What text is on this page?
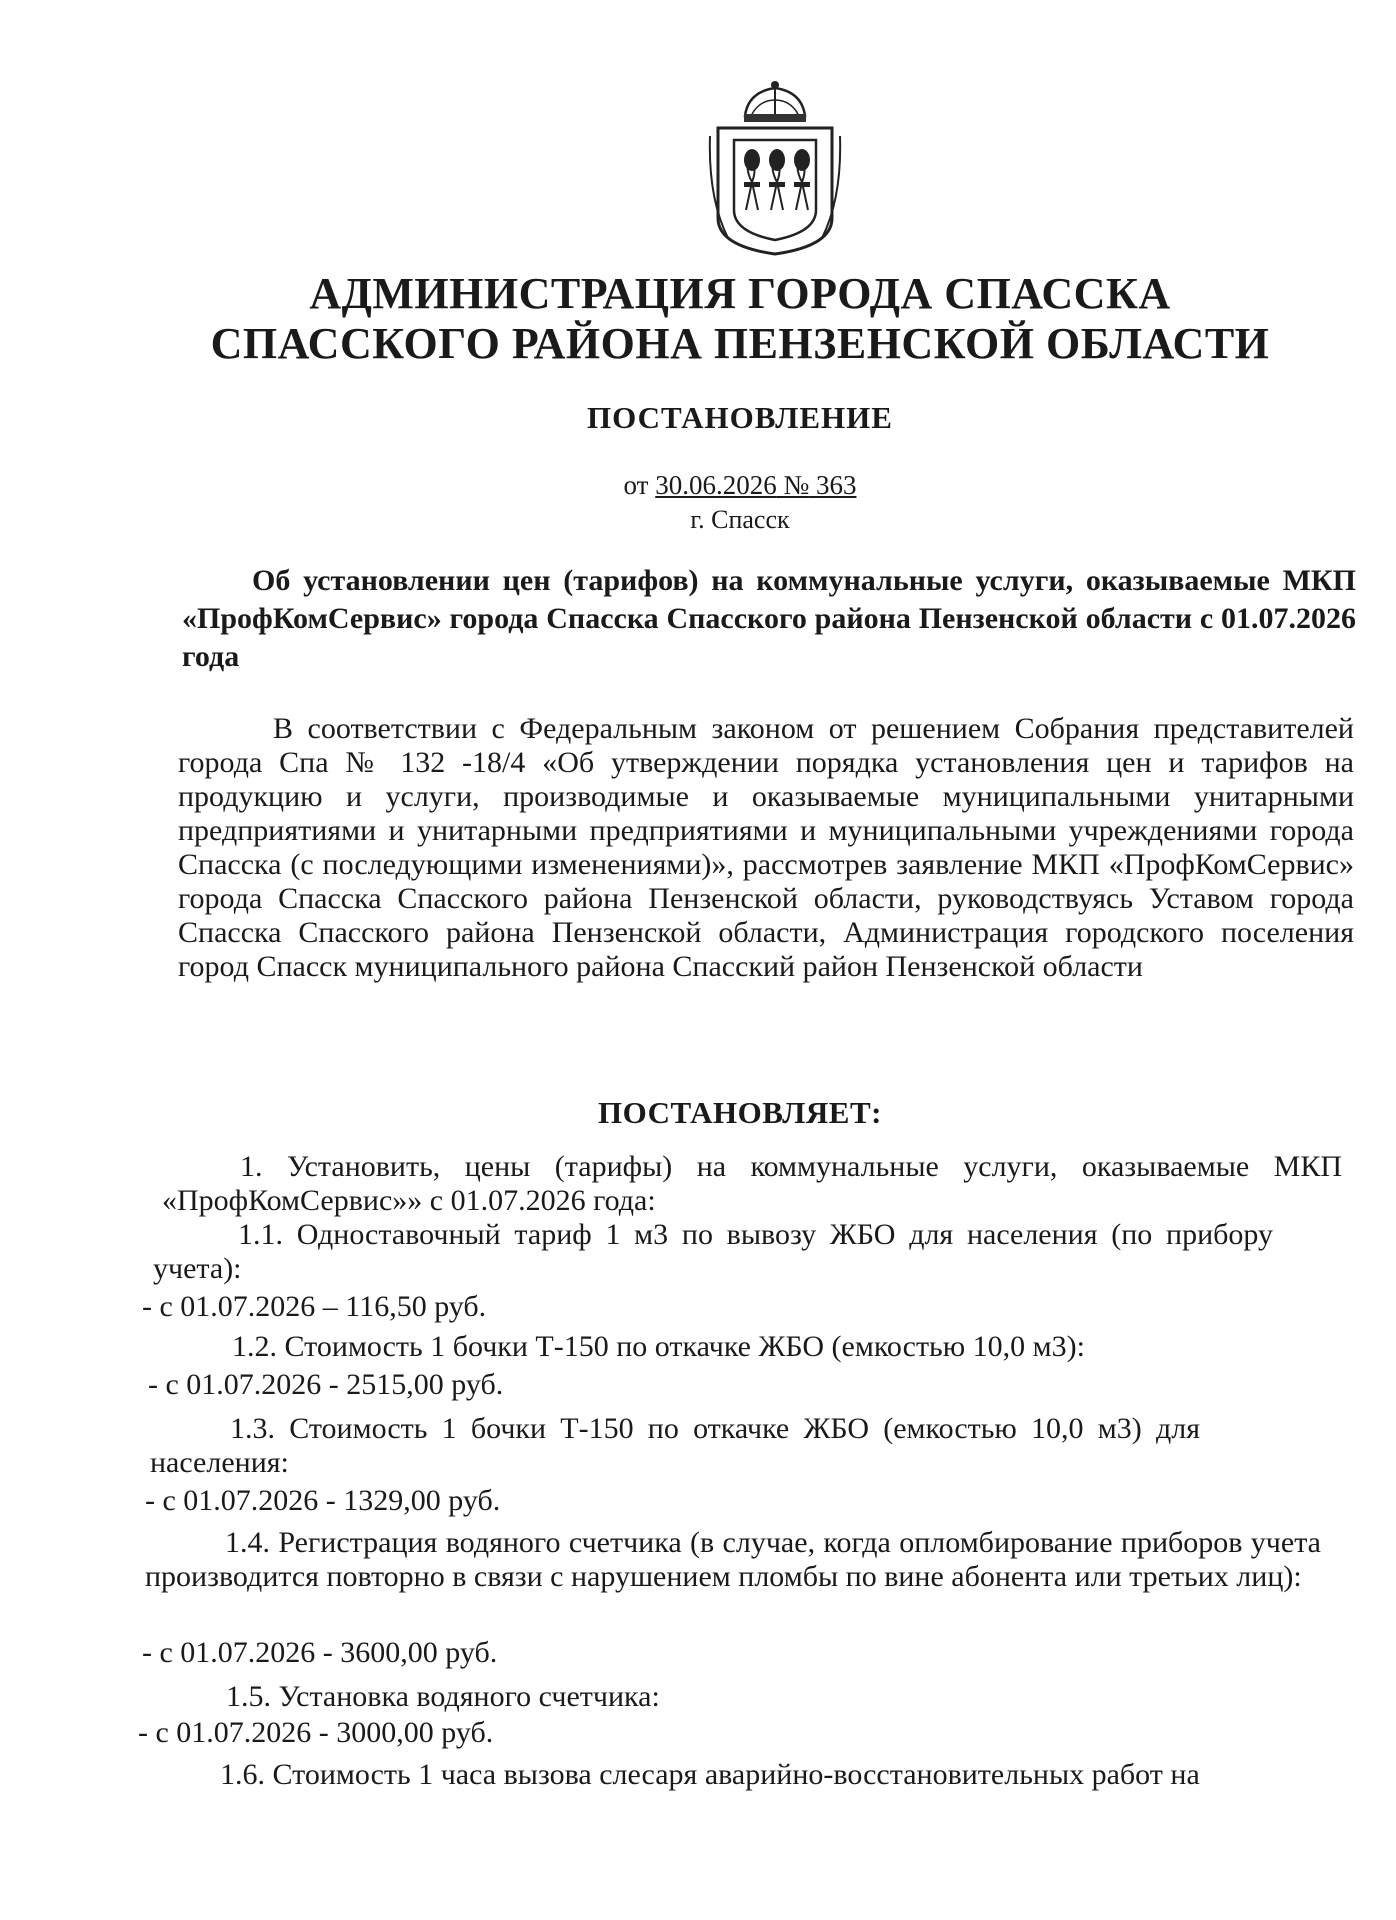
АДМИНИСТРАЦИЯ ГОРОДА СПАССКА
СПАССКОГО РАЙОНА ПЕНЗЕНСКОЙ ОБЛАСТИ
ПОСТАНОВЛЕНИЕ
от 30.06.2026 № 363
г. Спасск
Об установлении цен (тарифов) на коммунальные услуги, оказываемые МКП «ПрофКомСервис» города Спасска Спасского района Пензенской области с 01.07.2026 года
В соответствии с Федеральным законом от решением Собрания представителей города Спа № 132 -18/4 «Об утверждении порядка установления цен и тарифов на продукцию и услуги, производимые и оказываемые муниципальными унитарными предприятиями и унитарными предприятиями и муниципальными учреждениями города Спасска (с последующими изменениями)», рассмотрев заявление МКП «ПрофКомСервис» города Спасска Спасского района Пензенской области, руководствуясь Уставом города Спасска Спасского района Пензенской области, Администрация городского поселения город Спасск муниципального района Спасский район Пензенской области
ПОСТАНОВЛЯЕТ:
1. Установить, цены (тарифы) на коммунальные услуги, оказываемые МКП «ПрофКомСервис»» с 01.07.2026 года:
1.1. Одноставочный тариф 1 м3 по вывозу ЖБО для населения (по прибору учета):
- с 01.07.2026 – 116,50 руб.
1.2. Стоимость 1 бочки Т-150 по откачке ЖБО (емкостью 10,0 м3):
- с 01.07.2026 - 2515,00 руб.
1.3. Стоимость 1 бочки Т-150 по откачке ЖБО (емкостью 10,0 м3) для населения:
- с 01.07.2026 - 1329,00 руб.
1.4. Регистрация водяного счетчика (в случае, когда опломбирование приборов учета производится повторно в связи с нарушением пломбы по вине абонента или третьих лиц):
- с 01.07.2026 - 3600,00 руб.
1.5. Установка водяного счетчика:
- с 01.07.2026 - 3000,00 руб.
1.6. Стоимость 1 часа вызова слесаря аварийно-восстановительных работ на
